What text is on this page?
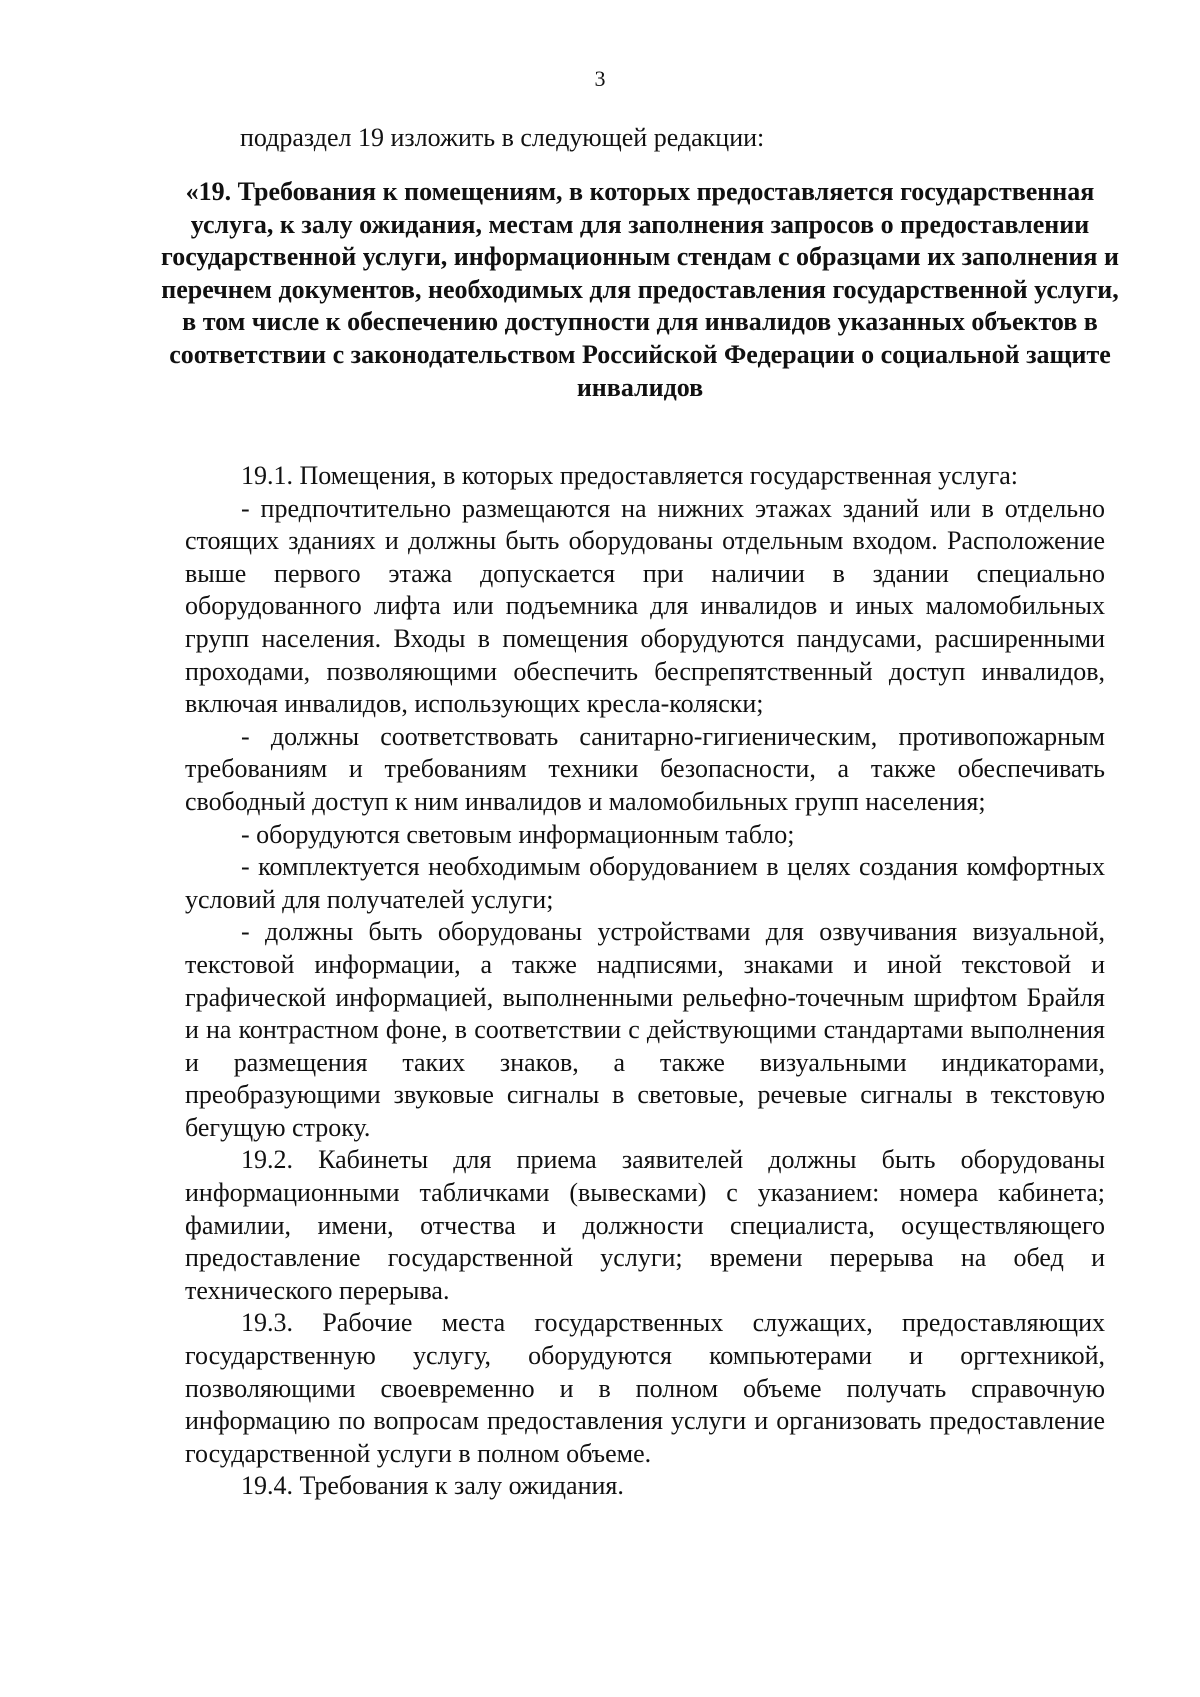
3
подраздел 19 изложить в следующей редакции:
«19. Требования к помещениям, в которых предоставляется государственная услуга, к залу ожидания, местам для заполнения запросов о предоставлении государственной услуги, информационным стендам с образцами их заполнения и перечнем документов, необходимых для предоставления государственной услуги, в том числе к обеспечению доступности для инвалидов указанных объектов в соответствии с законодательством Российской Федерации о социальной защите инвалидов

19.1. Помещения, в которых предоставляется государственная услуга:

- предпочтительно размещаются на нижних этажах зданий или в отдельно стоящих зданиях и должны быть оборудованы отдельным входом. Расположение выше первого этажа допускается при наличии в здании специально оборудованного лифта или подъемника для инвалидов и иных маломобильных групп населения. Входы в помещения оборудуются пандусами, расширенными проходами, позволяющими обеспечить беспрепятственный доступ инвалидов, включая инвалидов, использующих кресла-коляски;

- должны соответствовать санитарно-гигиеническим, противопожарным требованиям и требованиям техники безопасности, а также обеспечивать свободный доступ к ним инвалидов и маломобильных групп населения;

- оборудуются световым информационным табло;

- комплектуется необходимым оборудованием в целях создания комфортных условий для получателей услуги;

- должны быть оборудованы устройствами для озвучивания визуальной, текстовой информации, а также надписями, знаками и иной текстовой и графической информацией, выполненными рельефно-точечным шрифтом Брайля и на контрастном фоне, в соответствии с действующими стандартами выполнения и размещения таких знаков, а также визуальными индикаторами, преобразующими звуковые сигналы в световые, речевые сигналы в текстовую бегущую строку.

19.2. Кабинеты для приема заявителей должны быть оборудованы информационными табличками (вывесками) с указанием: номера кабинета; фамилии, имени, отчества и должности специалиста, осуществляющего предоставление государственной услуги; времени перерыва на обед и технического перерыва.

19.3. Рабочие места государственных служащих, предоставляющих государственную услугу, оборудуются компьютерами и оргтехникой, позволяющими своевременно и в полном объеме получать справочную информацию по вопросам предоставления услуги и организовать предоставление государственной услуги в полном объеме.

19.4. Требования к залу ожидания.
